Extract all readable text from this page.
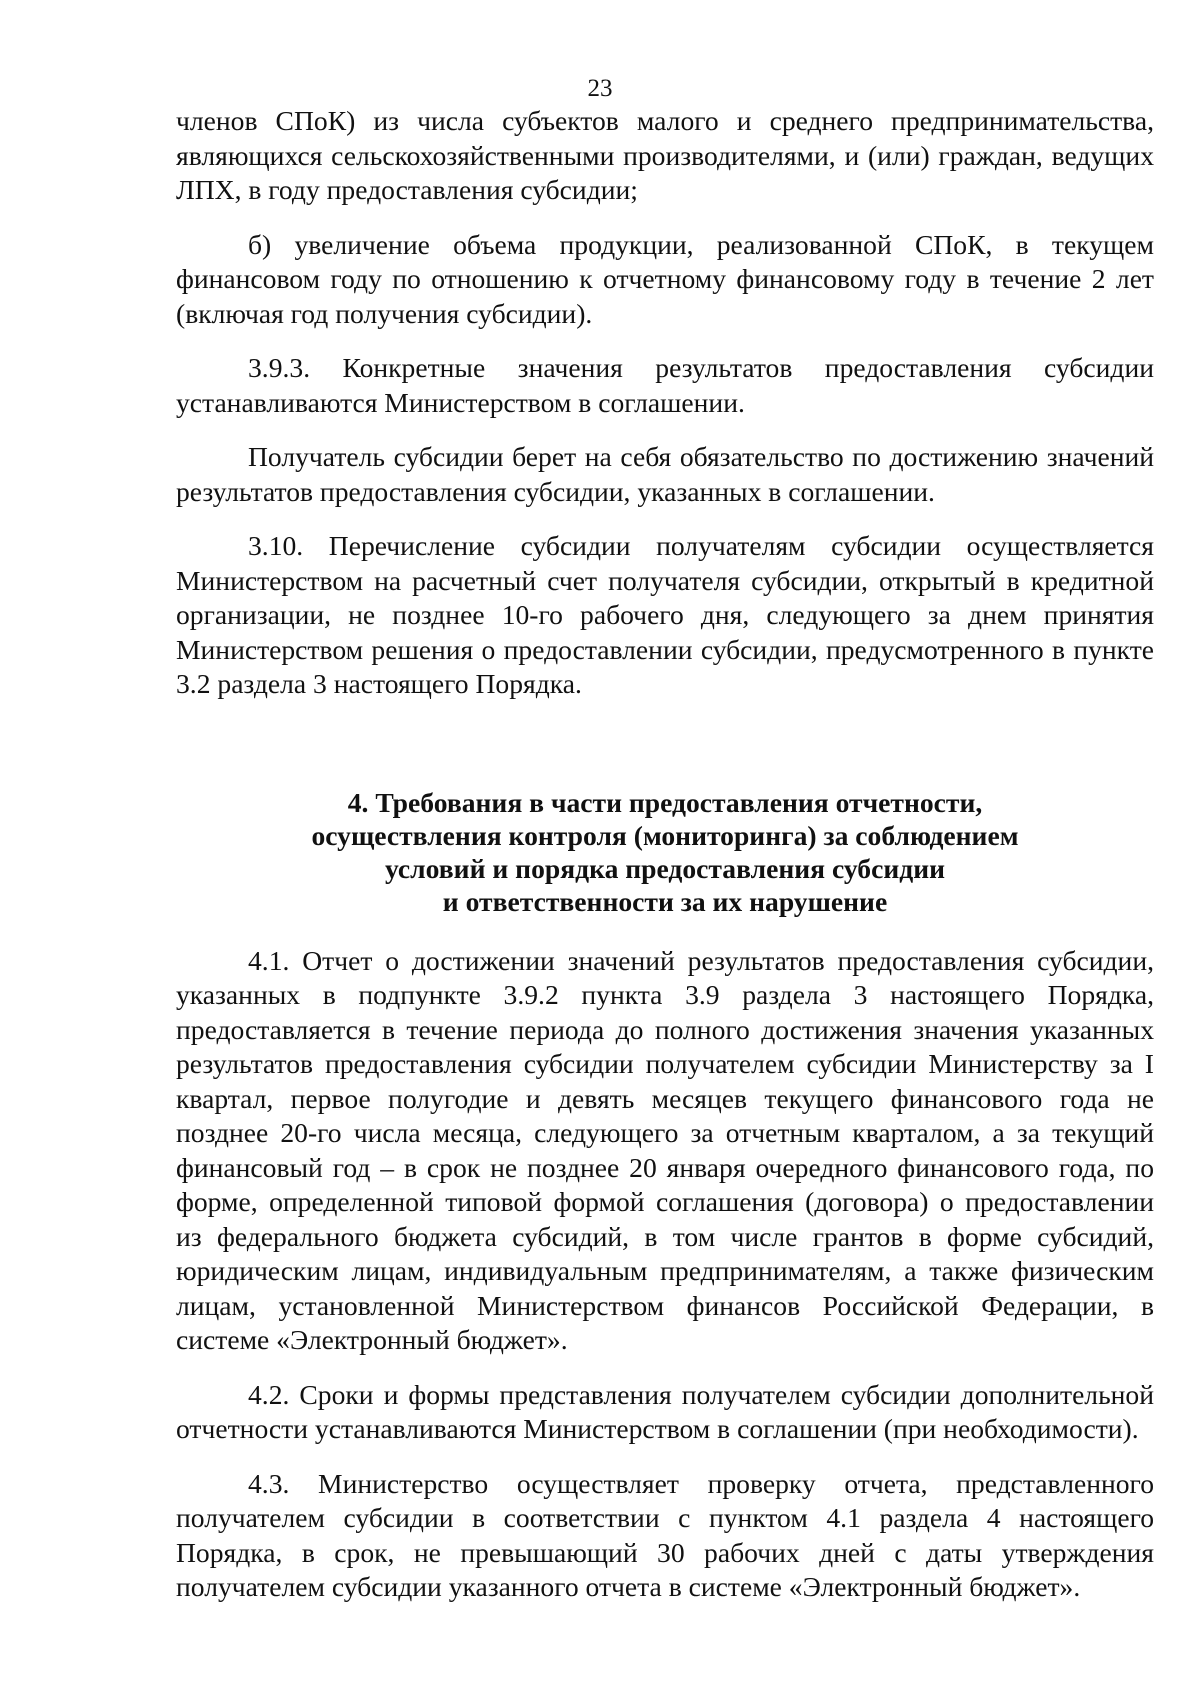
23

членов СПоК) из числа субъектов малого и среднего предпринимательства, являющихся сельскохозяйственными производителями, и (или) граждан, ведущих ЛПХ, в году предоставления субсидии;

б) увеличение объема продукции, реализованной СПоК, в текущем финансовом году по отношению к отчетному финансовому году в течение 2 лет (включая год получения субсидии).

3.9.3. Конкретные значения результатов предоставления субсидии устанавливаются Министерством в соглашении.

Получатель субсидии берет на себя обязательство по достижению значений результатов предоставления субсидии, указанных в соглашении.

3.10. Перечисление субсидии получателям субсидии осуществляется Министерством на расчетный счет получателя субсидии, открытый в кредитной организации, не позднее 10-го рабочего дня, следующего за днем принятия Министерством решения о предоставлении субсидии, предусмотренного в пункте 3.2 раздела 3 настоящего Порядка.

4. Требования в части предоставления отчетности,
осуществления контроля (мониторинга) за соблюдением
условий и порядка предоставления субсидии
и ответственности за их нарушение

4.1. Отчет о достижении значений результатов предоставления субсидии, указанных в подпункте 3.9.2 пункта 3.9 раздела 3 настоящего Порядка, предоставляется в течение периода до полного достижения значения указанных результатов предоставления субсидии получателем субсидии Министерству за I квартал, первое полугодие и девять месяцев текущего финансового года не позднее 20-го числа месяца, следующего за отчетным кварталом, а за текущий финансовый год – в срок не позднее 20 января очередного финансового года, по форме, определенной типовой формой соглашения (договора) о предоставлении из федерального бюджета субсидий, в том числе грантов в форме субсидий, юридическим лицам, индивидуальным предпринимателям, а также физическим лицам, установленной Министерством финансов Российской Федерации, в системе «Электронный бюджет».

4.2. Сроки и формы представления получателем субсидии дополнительной отчетности устанавливаются Министерством в соглашении (при необходимости).

4.3. Министерство осуществляет проверку отчета, представленного получателем субсидии в соответствии с пунктом 4.1 раздела 4 настоящего Порядка, в срок, не превышающий 30 рабочих дней с даты утверждения получателем субсидии указанного отчета в системе «Электронный бюджет».
